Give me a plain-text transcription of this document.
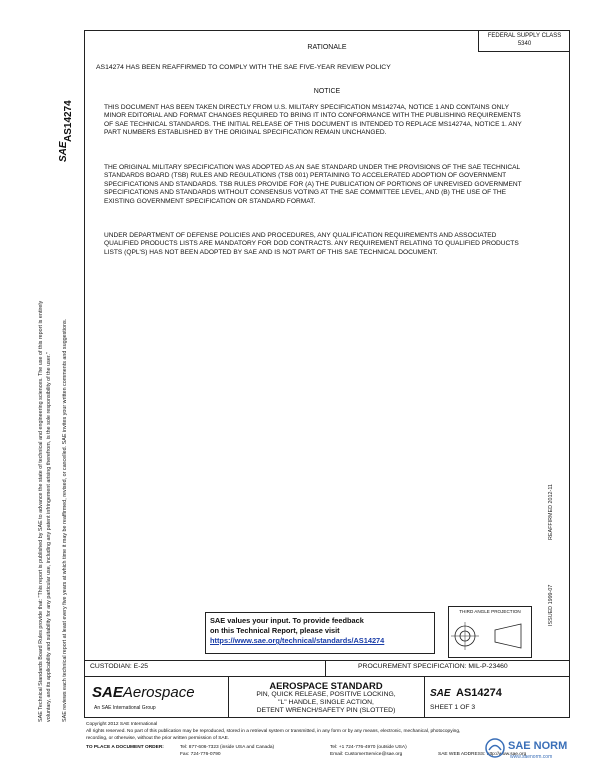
FEDERAL SUPPLY CLASS
5340
AS14274
SAE
SAE Technical Standards Board Rules provide that: "This report is published by SAE to advance the state of technical and engineering sciences. The use of this report is entirely voluntary, and its applicability and suitability for any particular use, including any patent infringement arising therefrom, is the sole responsibility of the user." SAE reviews each technical report at least every five years at which time it may be reaffirmed, revised, or cancelled. SAE invites your written comments and suggestions.	REAFFIRMED 2012-11
ISSUED 1999-07
RATIONALE
AS14274 HAS BEEN REAFFIRMED TO COMPLY WITH THE SAE FIVE-YEAR REVIEW POLICY
NOTICE
THIS DOCUMENT HAS BEEN TAKEN DIRECTLY FROM U.S. MILITARY SPECIFICATION MS14274A, NOTICE 1 AND CONTAINS ONLY MINOR EDITORIAL AND FORMAT CHANGES REQUIRED TO BRING IT INTO CONFORMANCE WITH THE PUBLISHING REQUIREMENTS OF SAE TECHNICAL STANDARDS. THE INITIAL RELEASE OF THIS DOCUMENT IS INTENDED TO REPLACE MS14274A, NOTICE 1. ANY PART NUMBERS ESTABLISHED BY THE ORIGINAL SPECIFICATION REMAIN UNCHANGED.
THE ORIGINAL MILITARY SPECIFICATION WAS ADOPTED AS AN SAE STANDARD UNDER THE PROVISIONS OF THE SAE TECHNICAL STANDARDS BOARD (TSB) RULES AND REGULATIONS (TSB 001) PERTAINING TO ACCELERATED ADOPTION OF GOVERNMENT SPECIFICATIONS AND STANDARDS. TSB RULES PROVIDE FOR (A) THE PUBLICATION OF PORTIONS OF UNREVISED GOVERNMENT SPECIFICATIONS AND STANDARDS WITHOUT CONSENSUS VOTING AT THE SAE COMMITTEE LEVEL, AND (B) THE USE OF THE EXISTING GOVERNMENT SPECIFICATION OR STANDARD FORMAT.
UNDER DEPARTMENT OF DEFENSE POLICIES AND PROCEDURES, ANY QUALIFICATION REQUIREMENTS AND ASSOCIATED QUALIFIED PRODUCTS LISTS ARE MANDATORY FOR DOD CONTRACTS. ANY REQUIREMENT RELATING TO QUALIFIED PRODUCTS LISTS (QPL'S) HAS NOT BEEN ADOPTED BY SAE AND IS NOT PART OF THIS SAE TECHNICAL DOCUMENT.
SAE values your input. To provide feedback
on this Technical Report, please visit
https://www.sae.org/technical/standards/AS14274
THIRD ANGLE PROJECTION
CUSTODIAN: E-25	PROCUREMENT SPECIFICATION: MIL-P-23460
SAEAerospace
An SAE International Group
AEROSPACE STANDARD
PIN, QUICK RELEASE, POSITIVE LOCKING,
"L" HANDLE, SINGLE ACTION,
DETENT WRENCH/SAFETY PIN (SLOTTED)
SAE AS14274
SHEET 1 OF 3
Copyright 2012 SAE International
All rights reserved. No part of this publication may be reproduced, stored in a retrieval system or transmitted, in any form or by any means, electronic, mechanical, photocopying,
recording, or otherwise, without the prior written permission of SAE.
TO PLACE A DOCUMENT ORDER:	Tel: 877-606-7323 (inside USA and Canada)
Fax: 724-776-0790
Tel: +1 724-776-4970 (outside USA)
Email: CustomerService@sae.org	SAE WEB ADDRESS: http://www.sae.org
SAE NORM
www.saenorm.com
